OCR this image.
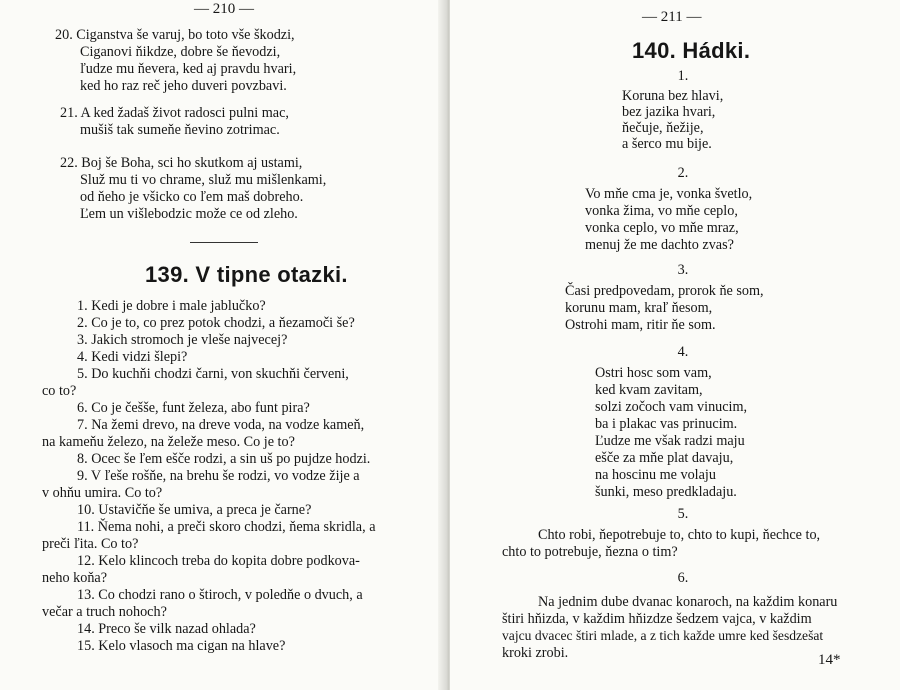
— 210 —
20. Ciganstva še varuj, bo toto vše škodzi,
Ciganovi ňikdze, dobre še ňevodzi,
ľudze mu ňevera, ked aj pravdu hvari,
ked ho raz reč jeho duveri povzbavi.
21. A ked žadaš život radosci pulni mac,
mušiš tak sumeňe ňevino zotrimac.
22. Boj še Boha, sci ho skutkom aj ustami,
Služ mu ti vo chrame, služ mu mišlenkami,
od ňeho je všicko co ľem maš dobreho.
Ľem un višlebodzic može ce od zleho.
139. V tipne otazki.
1. Kedi je dobre i male jablučko?
2. Co je to, co prez potok chodzi, a ňezamoči še?
3. Jakich stromoch je vleše najvecej?
4. Kedi vidzi šlepi?
5. Do kuchňi chodzi čarni, von skuchňi červeni,
co to?
6. Co je češše, funt železa, abo funt pira?
7. Na žemi drevo, na dreve voda, na vodze kameň,
na kameňu železo, na želeže meso. Co je to?
8. Ocec še ľem ešče rodzi, a sin uš po pujdze hodzi.
9. V ľeše rošňe, na brehu še rodzi, vo vodze žije a
v ohňu umira. Co to?
10. Ustavičňe še umiva, a preca je čarne?
11. Ňema nohi, a preči skoro chodzi, ňema skridla, a
preči ľita. Co to?
12. Kelo klincoch treba do kopita dobre podkova-
neho koňa?
13. Co chodzi rano o štiroch, v poledňe o dvuch, a
večar a truch nohoch?
14. Preco še vilk nazad ohlada?
15. Kelo vlasoch ma cigan na hlave?
— 211 —
140. Hádki.
1.
Koruna bez hlavi,
bez jazika hvari,
ňečuje, ňežije,
a šerco mu bije.
2.
Vo mňe cma je, vonka švetlo,
vonka žima, vo mňe ceplo,
vonka ceplo, vo mňe mraz,
menuj že me dachto zvas?
3.
Časi predpovedam, prorok ňe som,
korunu mam, kraľ ňesom,
Ostrohi mam, ritir ňe som.
4.
Ostri hosc som vam,
ked kvam zavitam,
solzi zočoch vam vinucim,
ba i plakac vas prinucim.
Ľudze me však radzi maju
ešče za mňe plat davaju,
na hoscinu me volaju
šunki, meso predkladaju.
5.
Chto robi, ňepotrebuje to, chto to kupi, ňechce to,
chto to potrebuje, ňezna o tim?
6.
Na jednim dube dvanac konaroch, na každim konaru
štiri hňizda, v každim hňizdze šedzem vajca, v každim
vajcu dvacec štiri mlade, a z tich každe umre ked šesdzešat
kroki zrobi.	14*
